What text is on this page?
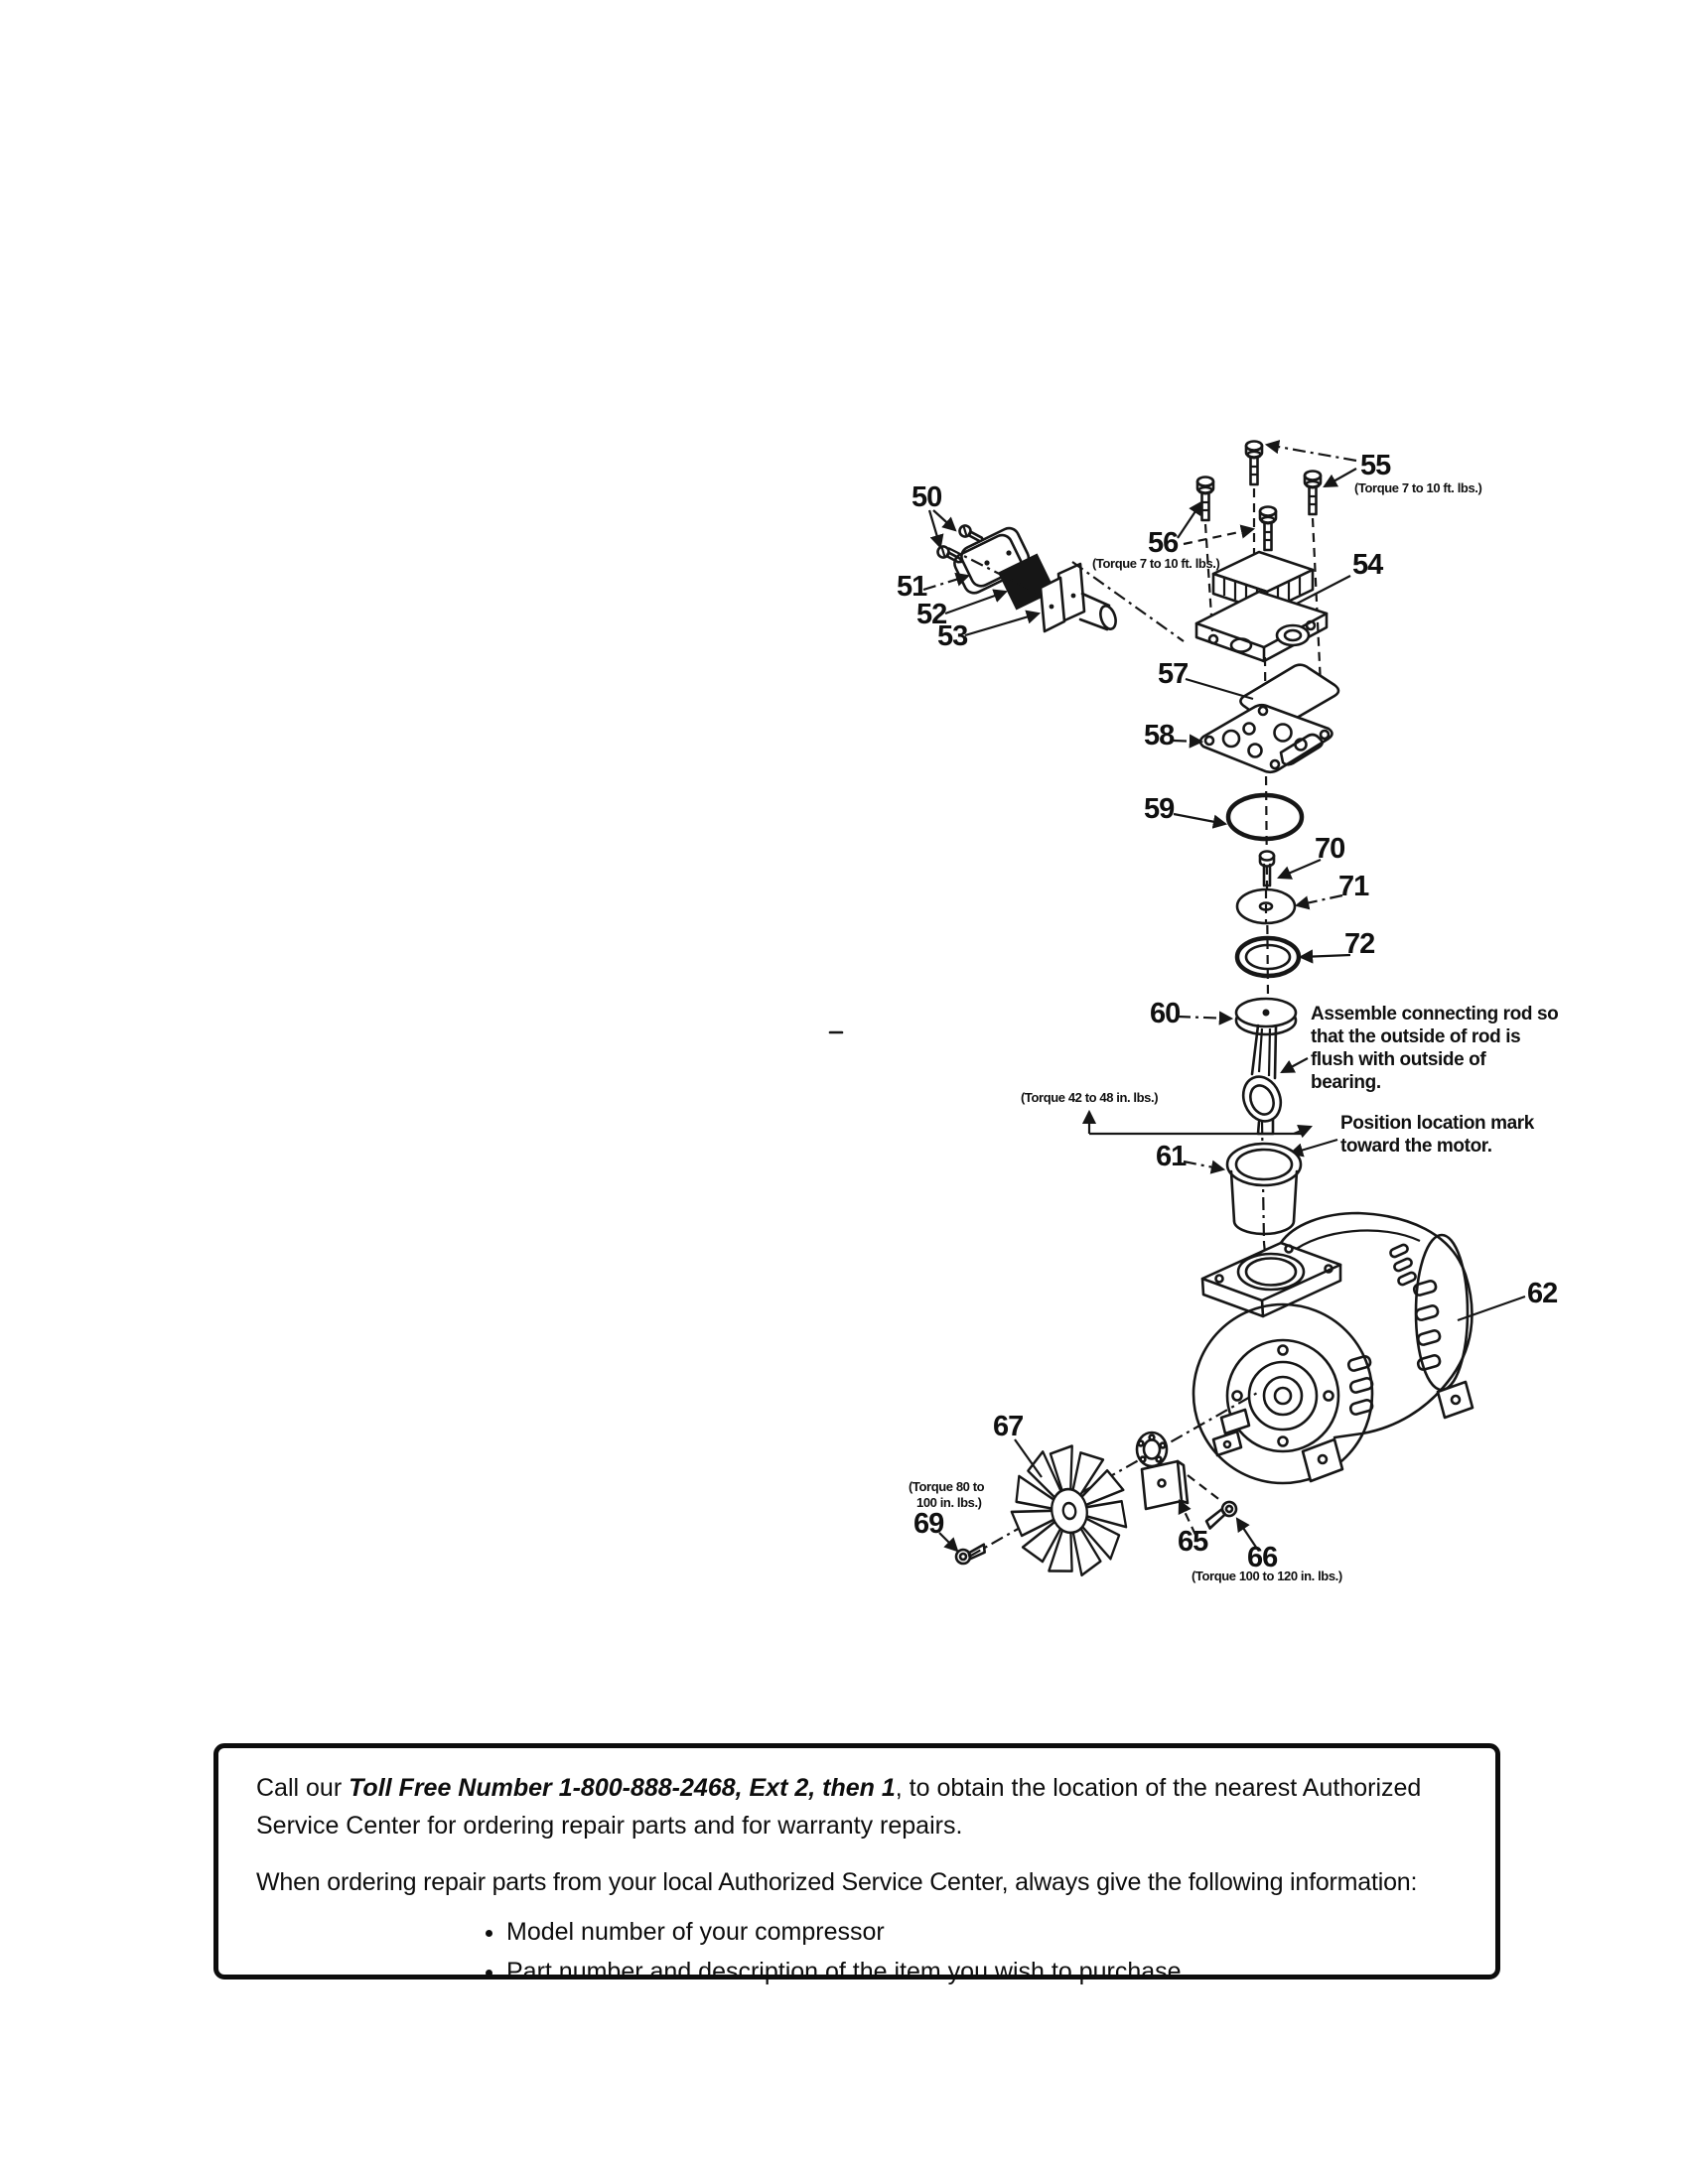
50
51
52
53
54
55
(Torque 7 to 10 ft. lbs.)
56
(Torque 7 to 10 ft. lbs.)
57
58
59
70
71
72
60	Assemble connecting rod so
that the outside of rod is
flush with outside of
bearing.
(Torque 42 to 48 in. lbs.)
Position location mark
toward the motor.
61
62
67
(Torque 80 to
100 in. lbs.)
69
65 66
(Torque 100 to 120 in. lbs.)

Call our Toll Free Number 1-800-888-2468, Ext 2, then 1, to obtain the location of the nearest Authorized Service Center for ordering repair parts and for warranty repairs.

When ordering repair parts from your local Authorized Service Center, always give the following information:

• Model number of your compressor
• Part number and description of the item you wish to purchase
